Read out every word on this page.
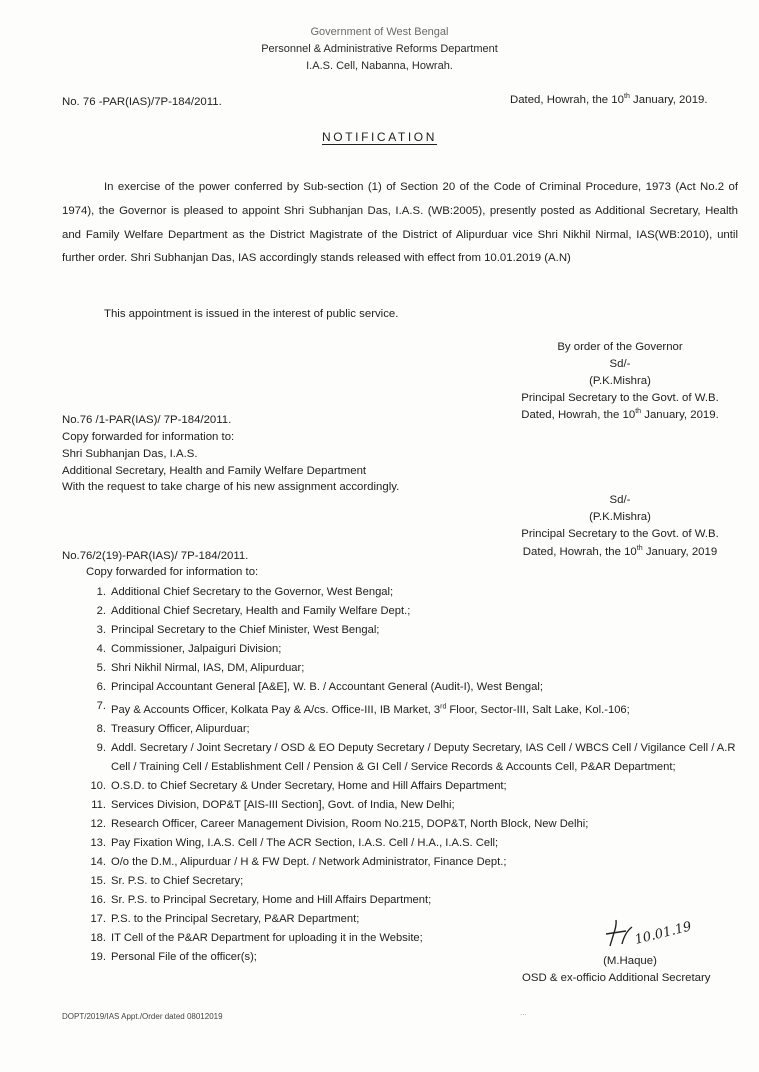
Government of West Bengal
Personnel & Administrative Reforms Department
I.A.S. Cell, Nabanna, Howrah.
No. 76 -PAR(IAS)/7P-184/2011.	Dated, Howrah, the 10th January, 2019.
NOTIFICATION
In exercise of the power conferred by Sub-section (1) of Section 20 of the Code of Criminal Procedure, 1973 (Act No.2 of 1974), the Governor is pleased to appoint Shri Subhanjan Das, I.A.S. (WB:2005), presently posted as Additional Secretary, Health and Family Welfare Department as the District Magistrate of the District of Alipurduar vice Shri Nikhil Nirmal, IAS(WB:2010), until further order. Shri Subhanjan Das, IAS accordingly stands released with effect from 10.01.2019 (A.N)
This appointment is issued in the interest of public service.
By order of the Governor
Sd/-
(P.K.Mishra)
Principal Secretary to the Govt. of W.B.
Dated, Howrah, the 10th January, 2019.
No.76 /1-PAR(IAS)/ 7P-184/2011.
Copy forwarded for information to:
Shri Subhanjan Das, I.A.S.
Additional Secretary, Health and Family Welfare Department
With the request to take charge of his new assignment accordingly.
Sd/-
(P.K.Mishra)
Principal Secretary to the Govt. of W.B.
Dated, Howrah, the 10th January, 2019
No.76/2(19)-PAR(IAS)/ 7P-184/2011.
Copy forwarded for information to:
1. Additional Chief Secretary to the Governor, West Bengal;
2. Additional Chief Secretary, Health and Family Welfare Dept.;
3. Principal Secretary to the Chief Minister, West Bengal;
4. Commissioner, Jalpaiguri Division;
5. Shri Nikhil Nirmal, IAS, DM, Alipurduar;
6. Principal Accountant General [A&E], W. B. / Accountant General (Audit-I), West Bengal;
7. Pay & Accounts Officer, Kolkata Pay & A/cs. Office-III, IB Market, 3rd Floor, Sector-III, Salt Lake, Kol.-106;
8. Treasury Officer, Alipurduar;
9. Addl. Secretary / Joint Secretary / OSD & EO Deputy Secretary / Deputy Secretary, IAS Cell / WBCS Cell / Vigilance Cell / A.R Cell / Training Cell / Establishment Cell / Pension & GI Cell / Service Records & Accounts Cell, P&AR Department;
10. O.S.D. to Chief Secretary & Under Secretary, Home and Hill Affairs Department;
11. Services Division, DOP&T [AIS-III Section], Govt. of India, New Delhi;
12. Research Officer, Career Management Division, Room No.215, DOP&T, North Block, New Delhi;
13. Pay Fixation Wing, I.A.S. Cell / The ACR Section, I.A.S. Cell / H.A., I.A.S. Cell;
14. O/o the D.M., Alipurduar / H & FW Dept. / Network Administrator, Finance Dept.;
15. Sr. P.S. to Chief Secretary;
16. Sr. P.S. to Principal Secretary, Home and Hill Affairs Department;
17. P.S. to the Principal Secretary, P&AR Department;
18. IT Cell of the P&AR Department for uploading it in the Website;
19. Personal File of the officer(s);
10.01.19
(M.Haque)
OSD & ex-officio Additional Secretary
DOPT/2019/IAS Appt./Order dated 08012019	...
